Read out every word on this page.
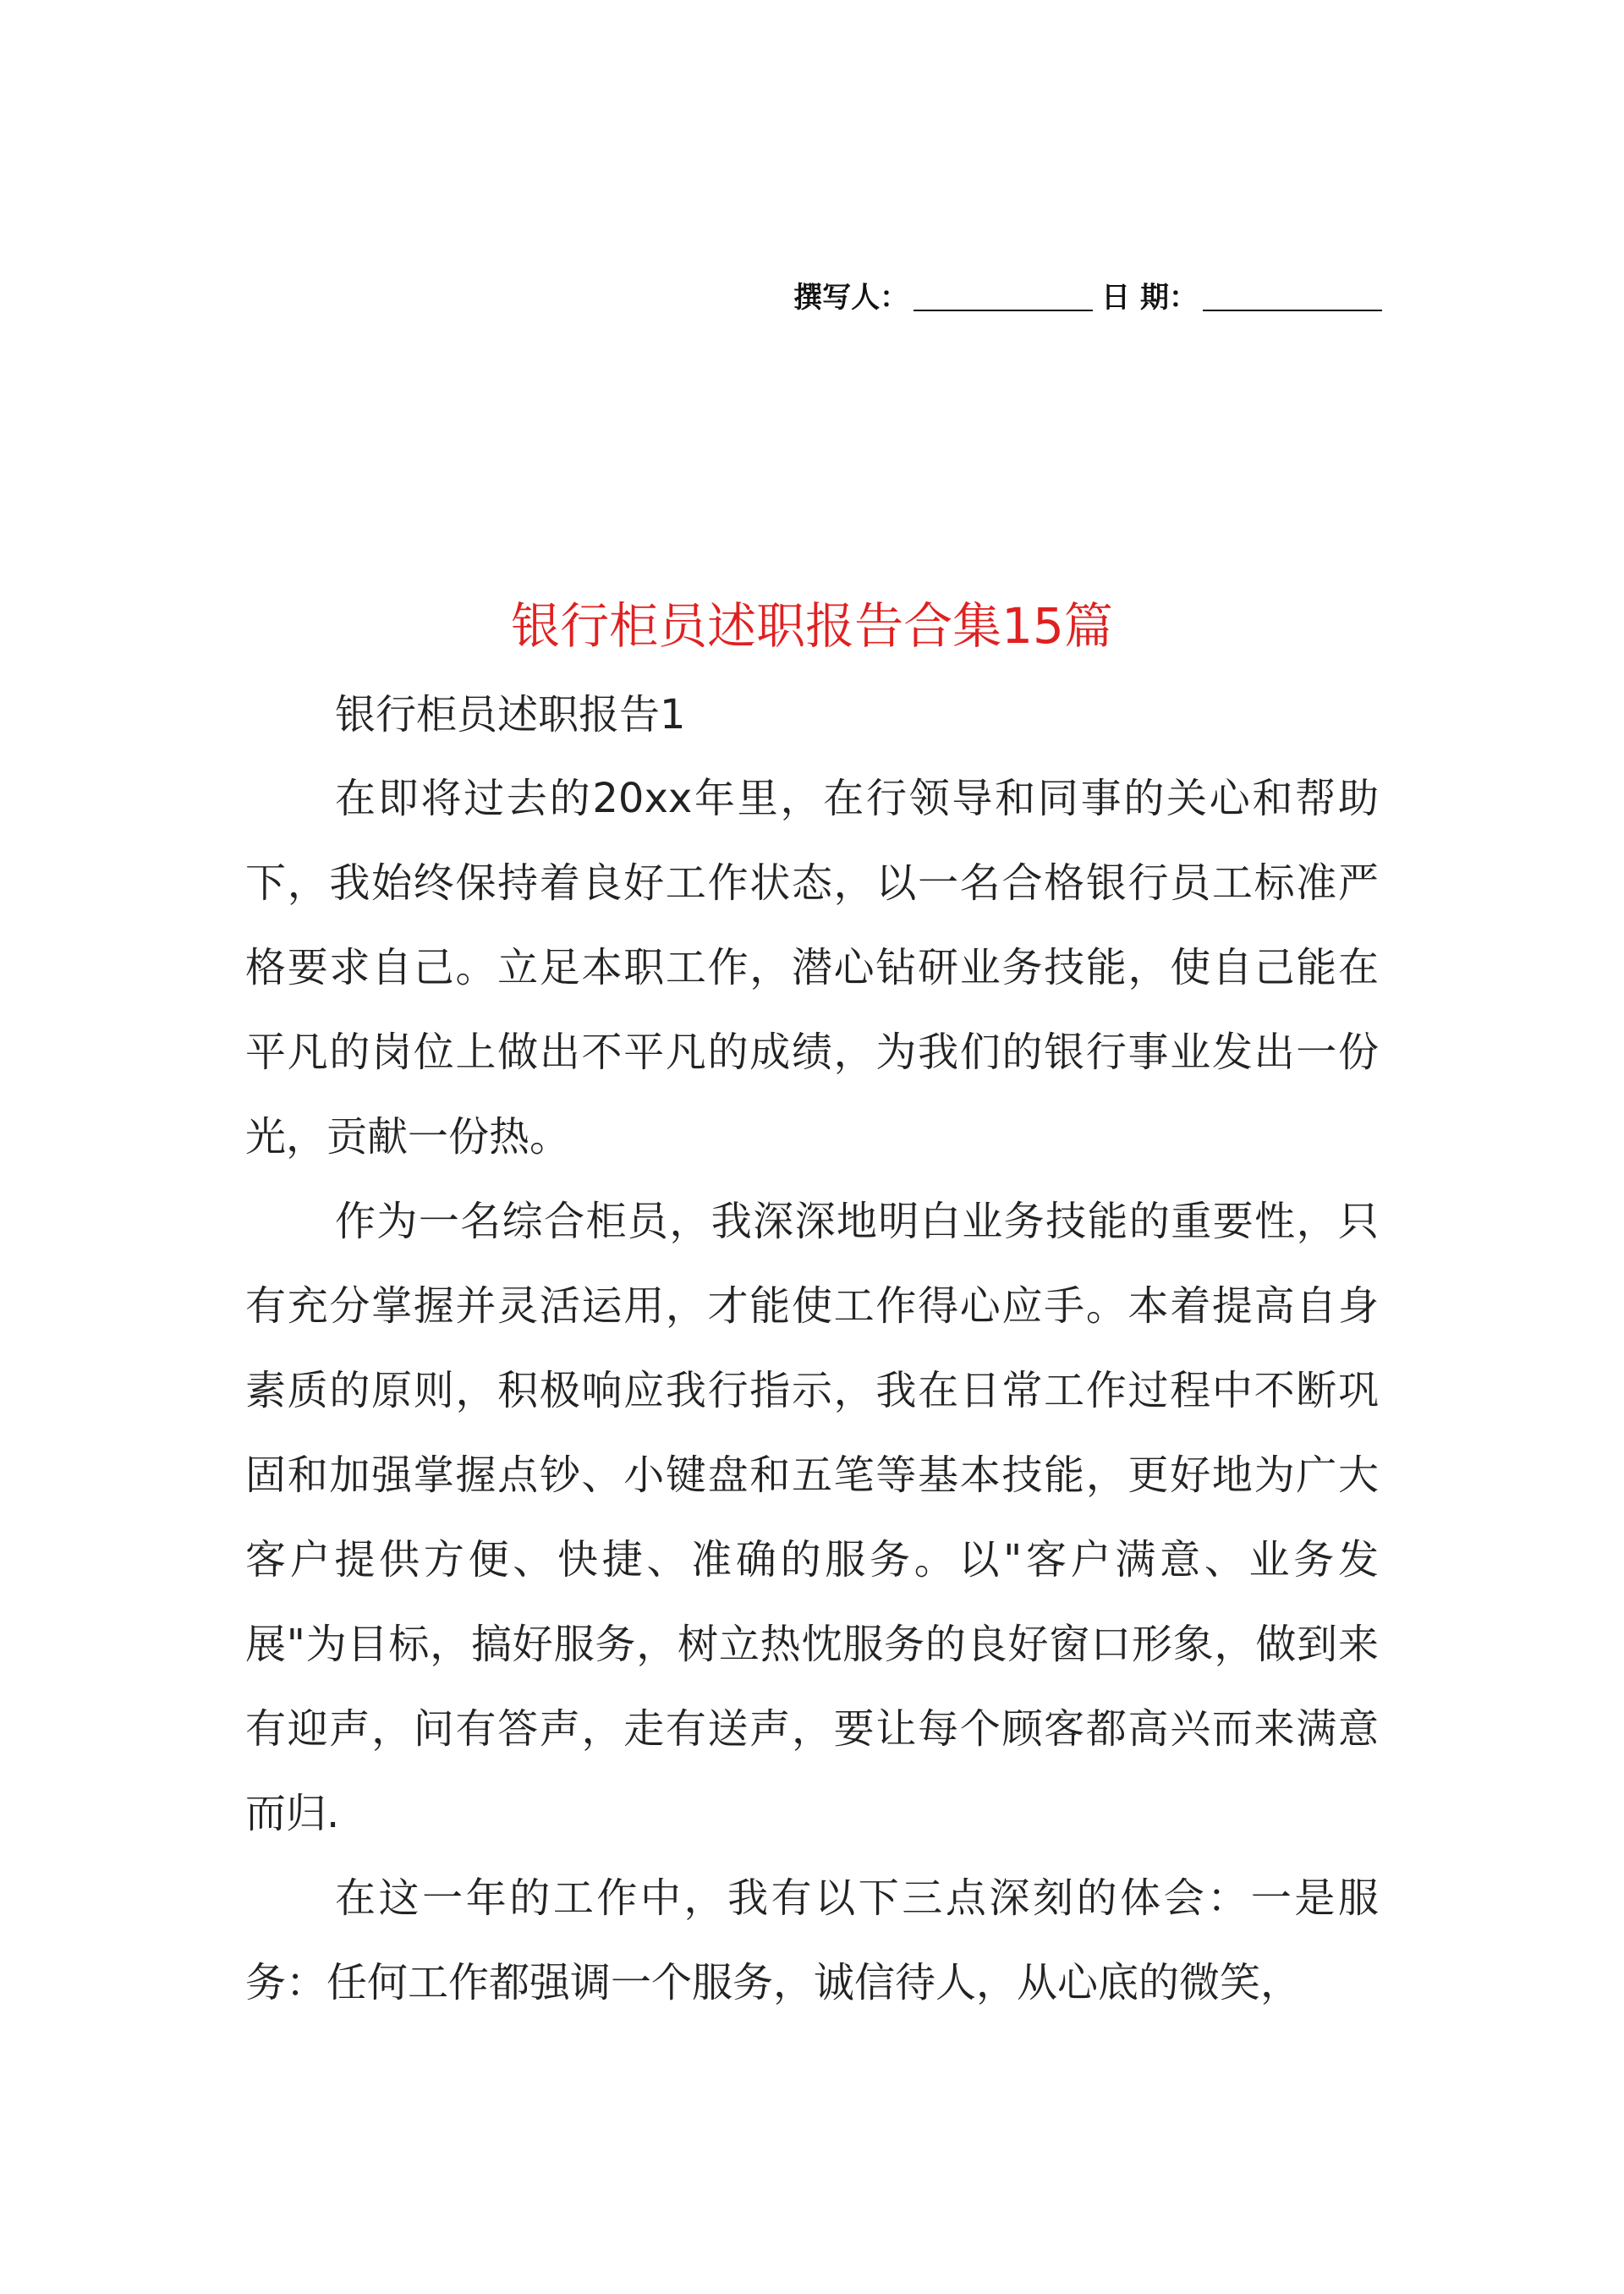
撰写人：	日 期：
银行柜员述职报告合集15篇

银行柜员述职报告1

在即将过去的20xx年里，在行领导和同事的关心和帮助下，我始终保持着良好工作状态，以一名合格银行员工标准严格要求自己。立足本职工作，潜心钻研业务技能，使自己能在平凡的岗位上做出不平凡的成绩，为我们的银行事业发出一份光，贡献一份热。

作为一名综合柜员，我深深地明白业务技能的重要性，只有充分掌握并灵活运用，才能使工作得心应手。本着提高自身素质的原则，积极响应我行指示，我在日常工作过程中不断巩固和加强掌握点钞、小键盘和五笔等基本技能，更好地为广大客户提供方便、快捷、准确的服务。以"客户满意、业务发展"为目标，搞好服务，树立热忱服务的良好窗口形象，做到来有迎声，问有答声，走有送声，要让每个顾客都高兴而来满意而归.

在这一年的工作中，我有以下三点深刻的体会：一是服务：任何工作都强调一个服务，诚信待人，从心底的微笑，
